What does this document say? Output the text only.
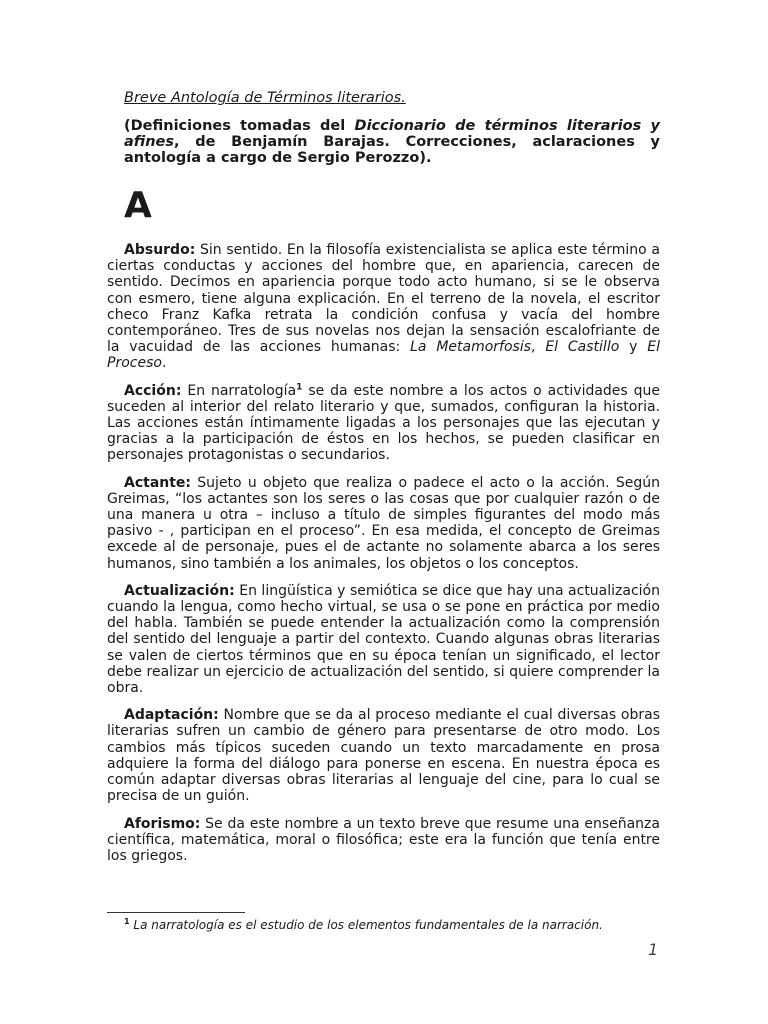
Breve Antología de Términos literarios.
(Definiciones tomadas del Diccionario de términos literarios y afines, de Benjamín Barajas. Correcciones, aclaraciones y antología a cargo de Sergio Perozzo).
A

Absurdo: Sin sentido. En la filosofía existencialista se aplica este término a ciertas conductas y acciones del hombre que, en apariencia, carecen de sentido. Decimos en apariencia porque todo acto humano, si se le observa con esmero, tiene alguna explicación. En el terreno de la novela, el escritor checo Franz Kafka retrata la condición confusa y vacía del hombre contemporáneo. Tres de sus novelas nos dejan la sensación escalofriante de la vacuidad de las acciones humanas: La Metamorfosis, El Castillo y El Proceso.

Acción: En narratología$^1$ se da este nombre a los actos o actividades que suceden al interior del relato literario y que, sumados, configuran la historia. Las acciones están íntimamente ligadas a los personajes que las ejecutan y gracias a la participación de éstos en los hechos, se pueden clasificar en personajes protagonistas o secundarios.

Actante: Sujeto u objeto que realiza o padece el acto o la acción. Según Greimas, “los actantes son los seres o las cosas que por cualquier razón o de una manera u otra – incluso a título de simples figurantes del modo más pasivo - , participan en el proceso”. En esa medida, el concepto de Greimas excede al de personaje, pues el de actante no solamente abarca a los seres humanos, sino también a los animales, los objetos o los conceptos.

Actualización: En lingüística y semiótica se dice que hay una actualización cuando la lengua, como hecho virtual, se usa o se pone en práctica por medio del habla. También se puede entender la actualización como la comprensión del sentido del lenguaje a partir del contexto. Cuando algunas obras literarias se valen de ciertos términos que en su época tenían un significado, el lector debe realizar un ejercicio de actualización del sentido, si quiere comprender la obra.

Adaptación: Nombre que se da al proceso mediante el cual diversas obras literarias sufren un cambio de género para presentarse de otro modo. Los cambios más típicos suceden cuando un texto marcadamente en prosa adquiere la forma del diálogo para ponerse en escena. En nuestra época es común adaptar diversas obras literarias al lenguaje del cine, para lo cual se precisa de un guión.

Aforismo: Se da este nombre a un texto breve que resume una enseñanza científica, matemática, moral o filosófica; este era la función que tenía entre los griegos.

$^1$ La narratología es el estudio de los elementos fundamentales de la narración.
1
